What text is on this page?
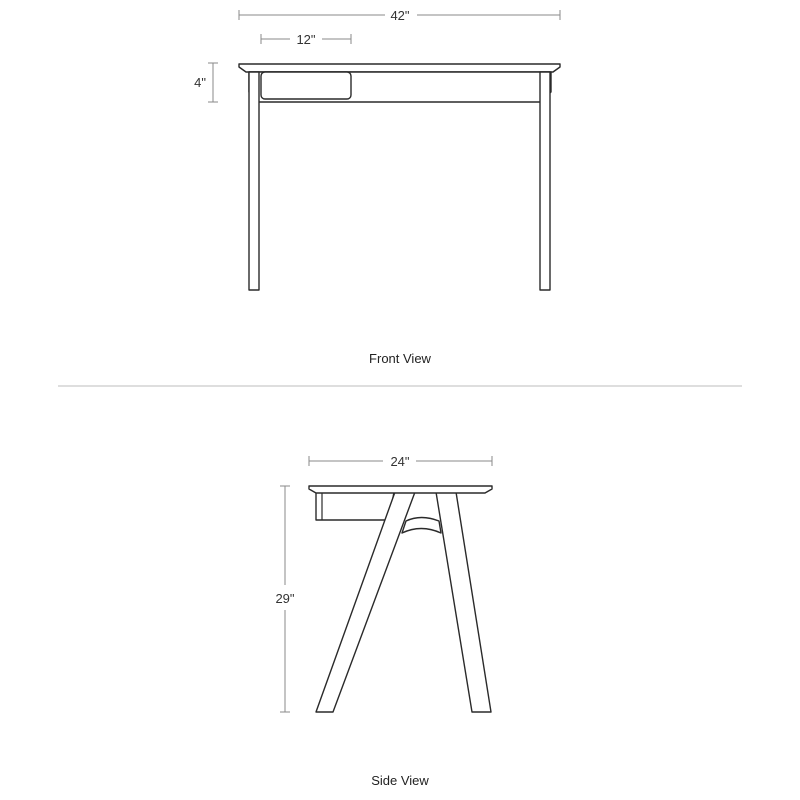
42"
12"
4"
Front View
24"
29"
Side View
